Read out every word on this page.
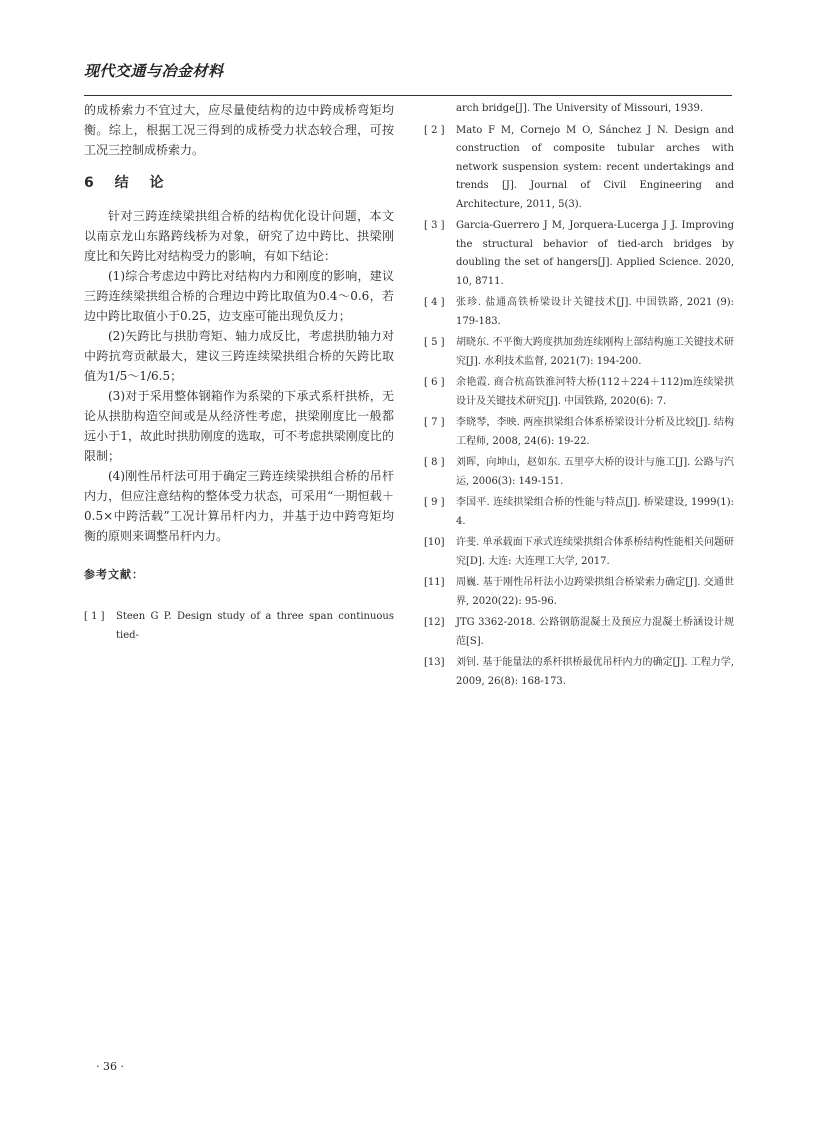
现代交通与冶金材料

的成桥索力不宜过大，应尽量使结构的边中跨成桥弯矩均衡。综上，根据工况三得到的成桥受力状态较合理，可按工况三控制成桥索力。

6 结 论

针对三跨连续梁拱组合桥的结构优化设计问题，本文以南京龙山东路跨线桥为对象，研究了边中跨比、拱梁刚度比和矢跨比对结构受力的影响，有如下结论：

(1)综合考虑边中跨比对结构内力和刚度的影响，建议三跨连续梁拱组合桥的合理边中跨比取值为0.4～0.6，若边中跨比取值小于0.25，边支座可能出现负反力；

(2)矢跨比与拱肋弯矩、轴力成反比，考虑拱肋轴力对中跨抗弯贡献最大，建议三跨连续梁拱组合桥的矢跨比取值为1/5～1/6.5；

(3)对于采用整体钢箱作为系梁的下承式系杆拱桥，无论从拱肋构造空间或是从经济性考虑，拱梁刚度比一般都远小于1，故此时拱肋刚度的选取，可不考虑拱梁刚度比的限制；

(4)刚性吊杆法可用于确定三跨连续梁拱组合桥的吊杆内力，但应注意结构的整体受力状态，可采用“一期恒载＋0.5×中跨活载”工况计算吊杆内力，并基于边中跨弯矩均衡的原则来调整吊杆内力。

参考文献：
[ 1 ]	Steen G P. Design study of a three span continuous tied-
arch bridge[J]. The University of Missouri, 1939.
[ 2 ]	Mato F M, Cornejo M O, Sánchez J N. Design and construction of composite tubular arches with network suspension system: recent undertakings and trends [J]. Journal of Civil Engineering and Architecture, 2011, 5(3).
[ 3 ]	Garcia-Guerrero J M, Jorquera-Lucerga J J. Improving the structural behavior of tied-arch bridges by doubling the set of hangers[J]. Applied Science. 2020, 10, 8711.
[ 4 ]	张珍. 盐通高铁桥梁设计关键技术[J]. 中国铁路, 2021 (9): 179-183.
[ 5 ]	胡晓东. 不平衡大跨度拱加劲连续刚构上部结构施工关键技术研究[J]. 水利技术监督, 2021(7): 194-200.
[ 6 ]	余艳霞. 商合杭高铁淮河特大桥(112＋224＋112)m连续梁拱设计及关键技术研究[J]. 中国铁路, 2020(6): 7.
[ 7 ]	李晓琴，李映. 两座拱梁组合体系桥梁设计分析及比较[J]. 结构工程师, 2008, 24(6): 19-22.
[ 8 ]	刘晖，向坤山，赵如东. 五里亭大桥的设计与施工[J]. 公路与汽运, 2006(3): 149-151.
[ 9 ]	李国平. 连续拱梁组合桥的性能与特点[J]. 桥梁建设, 1999(1): 4.
[10]	许斐. 单承载面下承式连续梁拱组合体系桥结构性能相关问题研究[D]. 大连: 大连理工大学, 2017.
[11]	周巍. 基于刚性吊杆法小边跨梁拱组合桥梁索力确定[J]. 交通世界, 2020(22): 95-96.
[12]	JTG 3362-2018. 公路钢筋混凝土及预应力混凝土桥涵设计规范[S].
[13]	刘钊. 基于能量法的系杆拱桥最优吊杆内力的确定[J]. 工程力学, 2009, 26(8): 168-173.
· 36 ·
